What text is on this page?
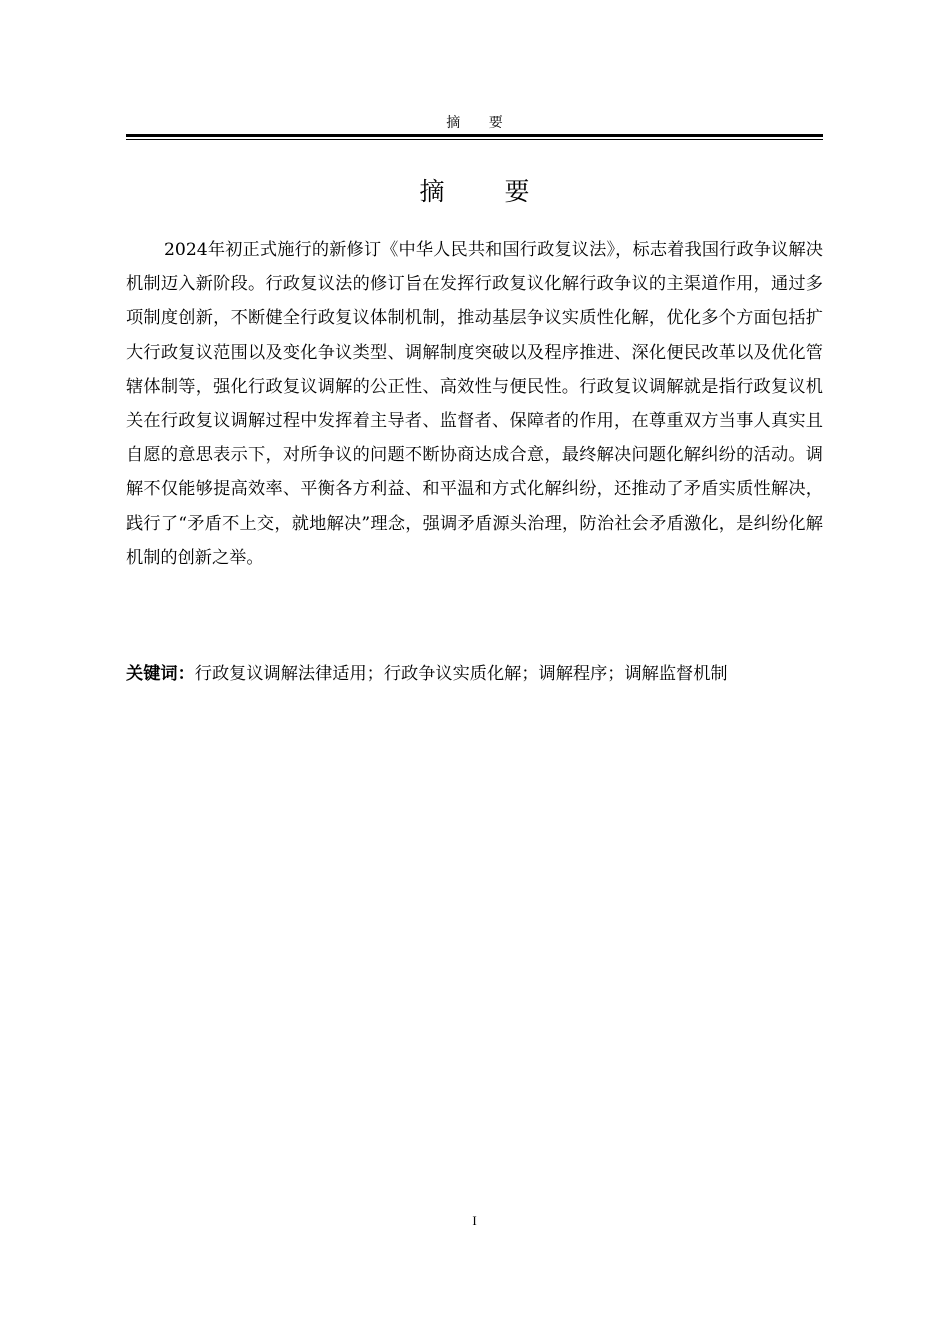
摘 要
摘 要

2024年初正式施行的新修订《中华人民共和国行政复议法》，标志着我国行政争议解决机制迈入新阶段。行政复议法的修订旨在发挥行政复议化解行政争议的主渠道作用，通过多项制度创新，不断健全行政复议体制机制，推动基层争议实质性化解，优化多个方面包括扩大行政复议范围以及变化争议类型、调解制度突破以及程序推进、深化便民改革以及优化管辖体制等，强化行政复议调解的公正性、高效性与便民性。行政复议调解就是指行政复议机关在行政复议调解过程中发挥着主导者、监督者、保障者的作用，在尊重双方当事人真实且自愿的意思表示下，对所争议的问题不断协商达成合意，最终解决问题化解纠纷的活动。调解不仅能够提高效率、平衡各方利益、和平温和方式化解纠纷，还推动了矛盾实质性解决，践行了“矛盾不上交，就地解决”理念，强调矛盾源头治理，防治社会矛盾激化，是纠纷化解机制的创新之举。

关键词：行政复议调解法律适用；行政争议实质化解；调解程序；调解监督机制
I
